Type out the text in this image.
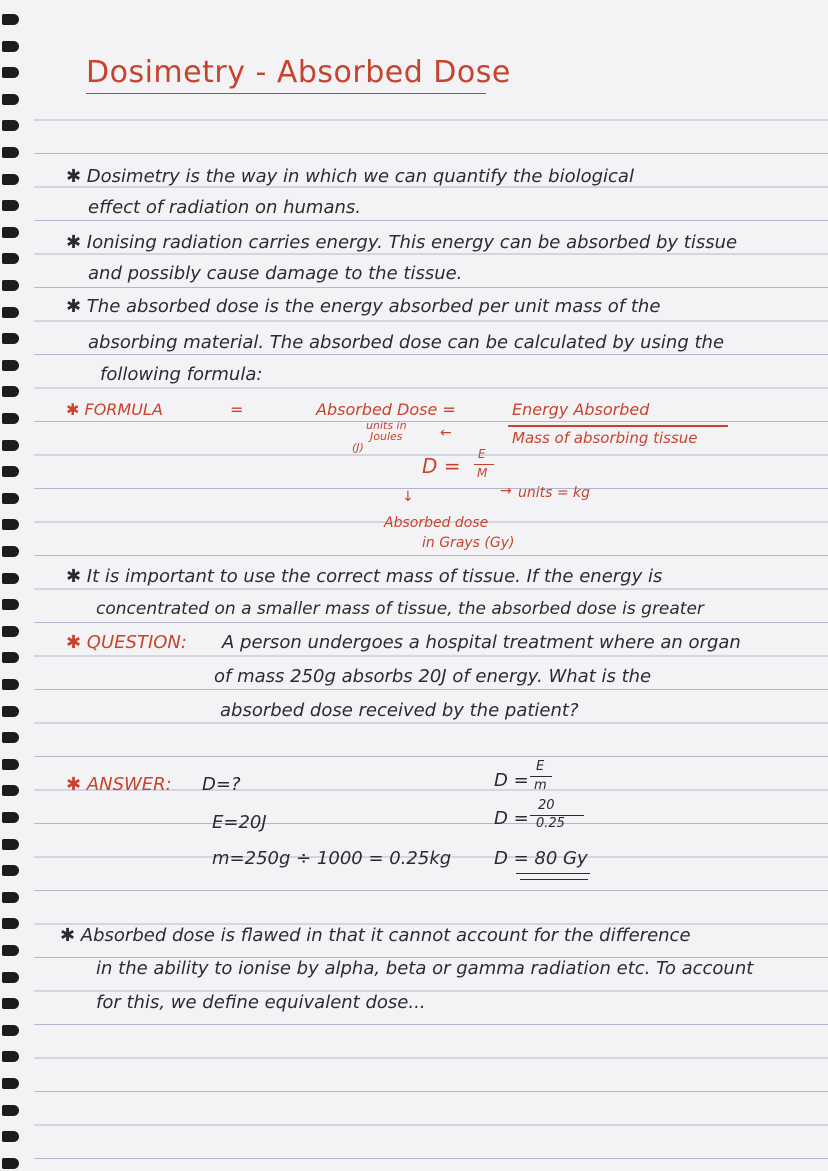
Dosimetry - Absorbed Dose
✱ Dosimetry is the way in which we can quantify the biological
effect of radiation on humans.
✱ Ionising radiation carries energy. This energy can be absorbed by tissue
and possibly cause damage to the tissue.
✱ The absorbed dose is the energy absorbed per unit mass of the
absorbing material. The absorbed dose can be calculated by using the
following formula:
✱ FORMULA	=	Absorbed Dose =	Energy Absorbed
Mass of absorbing tissue
units in
Joules
(J)
←
D = E
M
→ units = kg
↓
Absorbed dose
in Grays (Gy)
✱ It is important to use the correct mass of tissue. If the energy is
concentrated on a smaller mass of tissue, the absorbed dose is greater
✱ QUESTION: A person undergoes a hospital treatment where an organ
of mass 250g absorbs 20J of energy. What is the
absorbed dose received by the patient?
✱ ANSWER: D=?
E=20J
m=250g ÷ 1000 = 0.25kg
D =
E
m
D =
20
0.25
D = 80 Gy
✱ Absorbed dose is flawed in that it cannot account for the difference
in the ability to ionise by alpha, beta or gamma radiation etc. To account
for this, we define equivalent dose...
